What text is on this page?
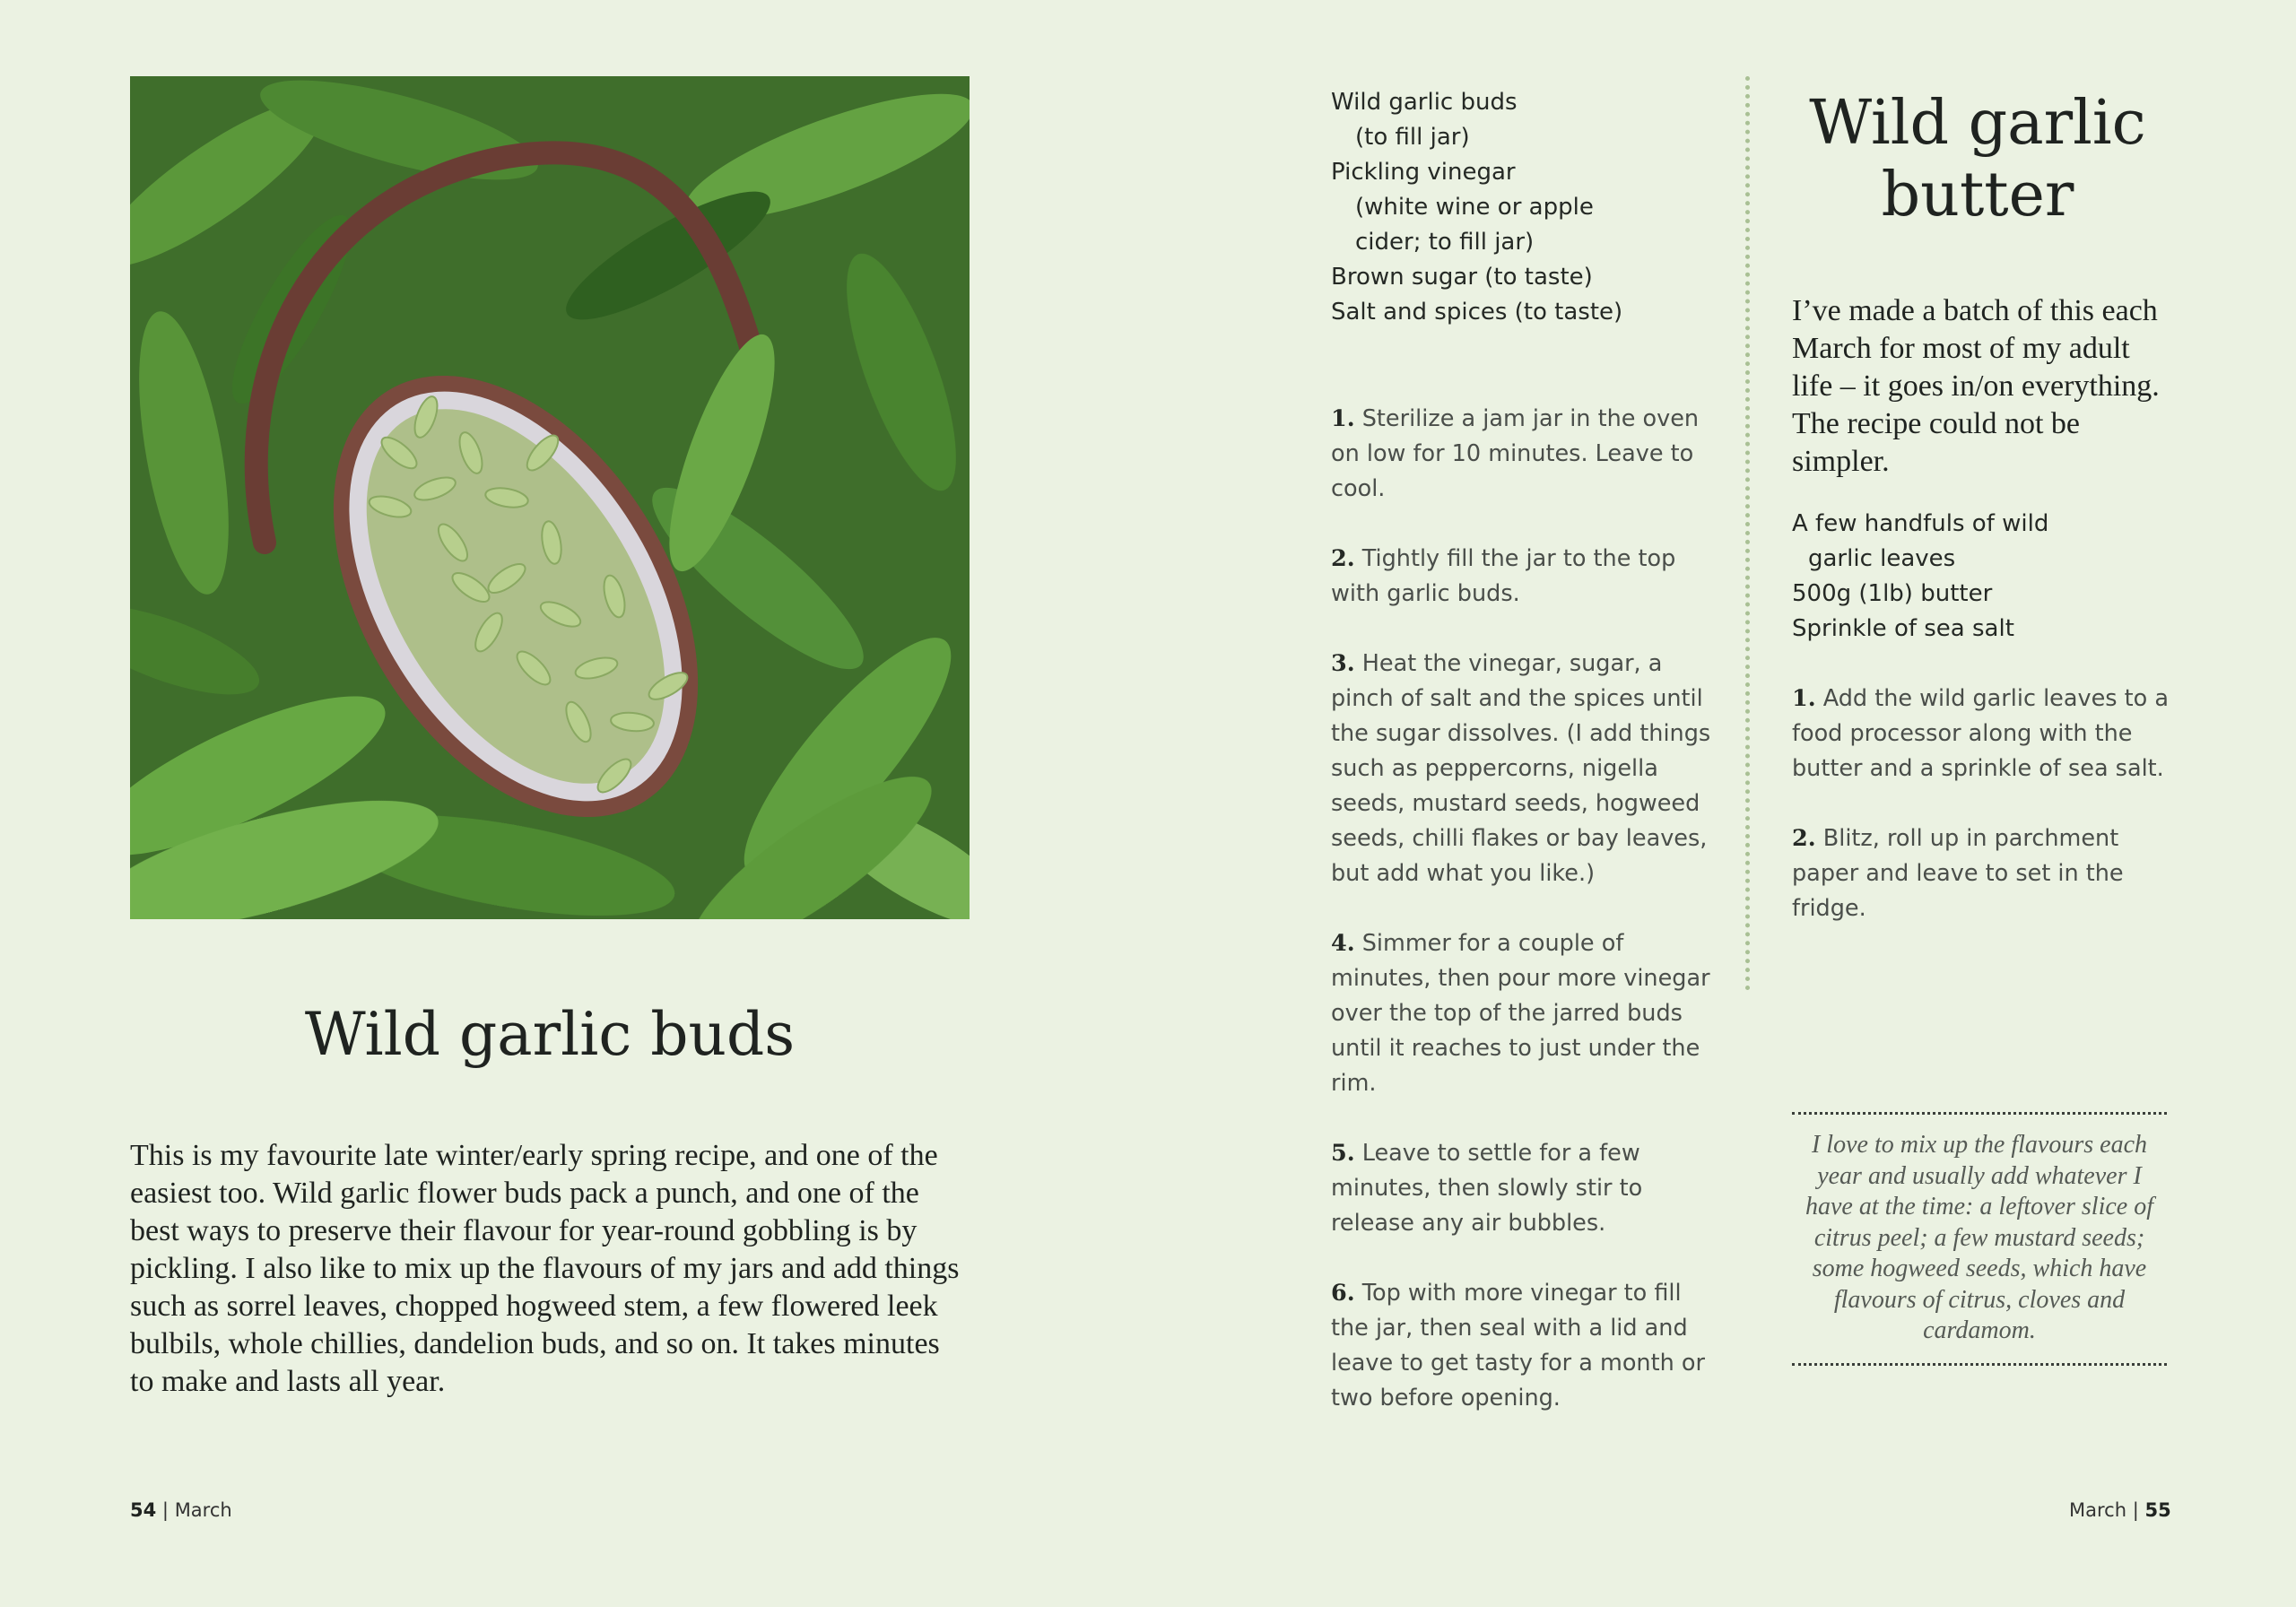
Wild garlic buds
This is my favourite late winter/early spring recipe, and one of the easiest too. Wild garlic flower buds pack a punch, and one of the best ways to preserve their flavour for year-round gobbling is by pickling. I also like to mix up the flavours of my jars and add things such as sorrel leaves, chopped hogweed stem, a few flowered leek bulbils, whole chillies, dandelion buds, and so on. It takes minutes to make and lasts all year.
Wild garlic buds
(to fill jar)
Pickling vinegar
(white wine or apple
cider; to fill jar)
Brown sugar (to taste)
Salt and spices (to taste)
1. Sterilize a jam jar in the oven on low for 10 minutes. Leave to cool.
2. Tightly fill the jar to the top with garlic buds.
3. Heat the vinegar, sugar, a pinch of salt and the spices until the sugar dissolves. (I add things such as peppercorns, nigella seeds, mustard seeds, hogweed seeds, chilli flakes or bay leaves, but add what you like.)
4. Simmer for a couple of minutes, then pour more vinegar over the top of the jarred buds until it reaches to just under the rim.
5. Leave to settle for a few minutes, then slowly stir to release any air bubbles.
6. Top with more vinegar to fill the jar, then seal with a lid and leave to get tasty for a month or two before opening.
Wild garlic
butter
I’ve made a batch of this each March for most of my adult life – it goes in/on everything. The recipe could not be simpler.
A few handfuls of wild
garlic leaves
500g (1lb) butter
Sprinkle of sea salt
1. Add the wild garlic leaves to a food processor along with the butter and a sprinkle of sea salt.
2. Blitz, roll up in parchment paper and leave to set in the fridge.
I love to mix up the flavours each year and usually add whatever I have at the time: a leftover slice of citrus peel; a few mustard seeds; some hogweed seeds, which have flavours of citrus, cloves and cardamom.
54 | March	March | 55
